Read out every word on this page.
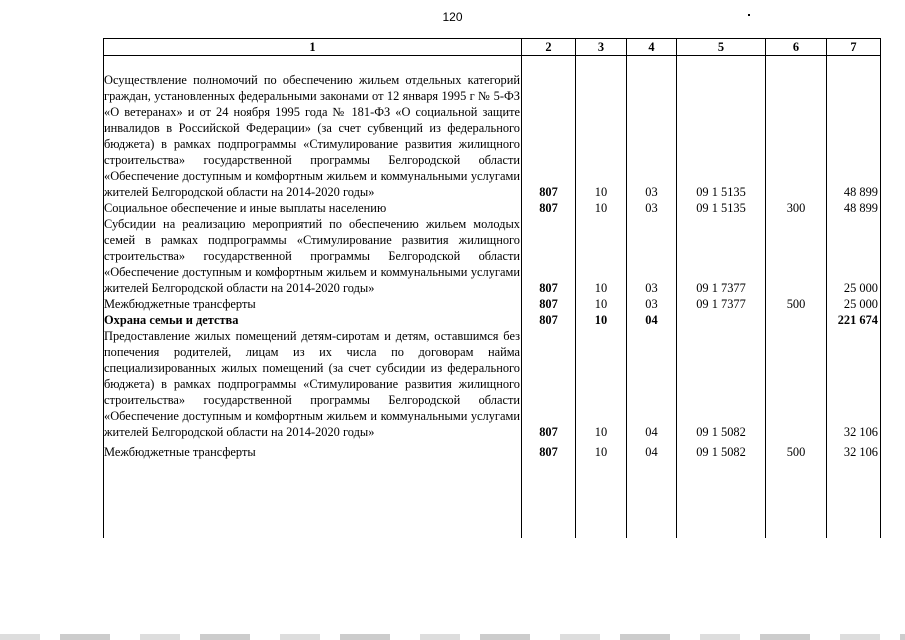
120
1	2	3	4	5	6	7

Осуществление полномочий по обеспечению жильем отдельных категорий граждан, установленных федеральными законами от 12 января 1995 г № 5-ФЗ «О ветеранах» и от 24 ноября 1995 года № 181-ФЗ «О социальной защите инвалидов в Российской Федерации» (за счет субвенций из федерального бюджета) в рамках подпрограммы «Стимулирование развития жилищного строительства» государственной программы Белгородской области «Обеспечение доступным и комфортным жильем и коммунальными услугами жителей Белгородской области на 2014-2020 годы»	807	10	03	09 1 5135		48 899
Социальное обеспечение и иные выплаты населению	807	10	03	09 1 5135	300	48 899
Субсидии на реализацию мероприятий по обеспечению жильем молодых семей в рамках подпрограммы «Стимулирование развития жилищного строительства» государственной программы Белгородской области «Обеспечение доступным и комфортным жильем и коммунальными услугами жителей Белгородской области на 2014-2020 годы»	807	10	03	09 1 7377		25 000
Межбюджетные трансферты	807	10	03	09 1 7377	500	25 000
Охрана семьи и детства	807	10	04			221 674
Предоставление жилых помещений детям-сиротам и детям, оставшимся без попечения родителей, лицам из их числа по договорам найма специализированных жилых помещений (за счет субсидии из федерального бюджета) в рамках подпрограммы «Стимулирование развития жилищного строительства» государственной программы Белгородской области «Обеспечение доступным и комфортным жильем и коммунальными услугами жителей Белгородской области на 2014-2020 годы»	807	10	04	09 1 5082		32 106
Межбюджетные трансферты	807	10	04	09 1 5082	500	32 106
